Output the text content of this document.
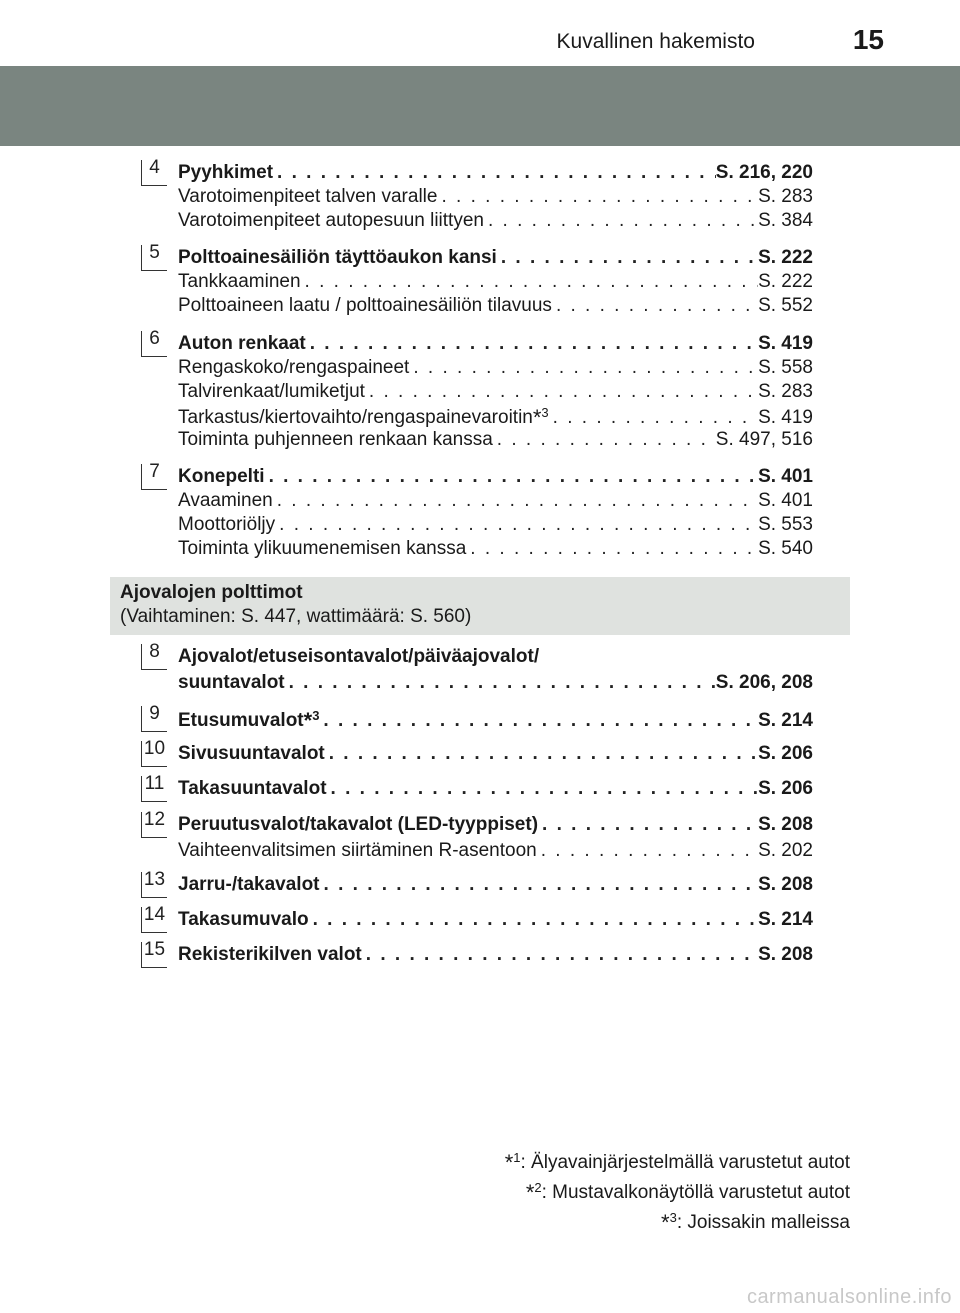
Kuvallinen hakemisto	15
4 Pyyhkimet . . .	S. 216, 220
Varotoimenpiteet talven varalle . . .	S. 283
Varotoimenpiteet autopesuun liittyen . . .	S. 384
5 Polttoainesäiliön täyttöaukon kansi . . .	S. 222
Tankkaaminen . . .	S. 222
Polttoaineen laatu / polttoainesäiliön tilavuus . . .	S. 552
6 Auton renkaat . . .	S. 419
Rengaskoko/rengaspaineet . . .	S. 558
Talvirenkaat/lumiketjut . . .	S. 283
Tarkastus/kiertovaihto/rengaspainevaroitin*$^3$ . . .	S. 419
Toiminta puhjenneen renkaan kanssa . . .	S. 497, 516
7 Konepelti . . .	S. 401
Avaaminen . . .	S. 401
Moottoriöljy . . .	S. 553
Toiminta ylikuumenemisen kanssa . . .	S. 540
Ajovalojen polttimot
(Vaihtaminen: S. 447, wattimäärä: S. 560)
8 Ajovalot/etuseisontavalot/päiväajovalot/
suuntavalot . . .	S. 206, 208
9 Etusumuvalot*$^3$ . . .	S. 214
10 Sivusuuntavalot . . .	S. 206
11 Takasuuntavalot . . .	S. 206
12 Peruutusvalot/takavalot (LED-tyyppiset) . . .	S. 208
Vaihteenvalitsimen siirtäminen R-asentoon . . .	S. 202
13 Jarru-/takavalot . . .	S. 208
14 Takasumuvalo . . .	S. 214
15 Rekisterikilven valot . . .	S. 208
*$^1$: Älyavainjärjestelmällä varustetut autot
*$^2$: Mustavalkonäytöllä varustetut autot
*$^3$: Joissakin malleissa
carmanualsonline.info
